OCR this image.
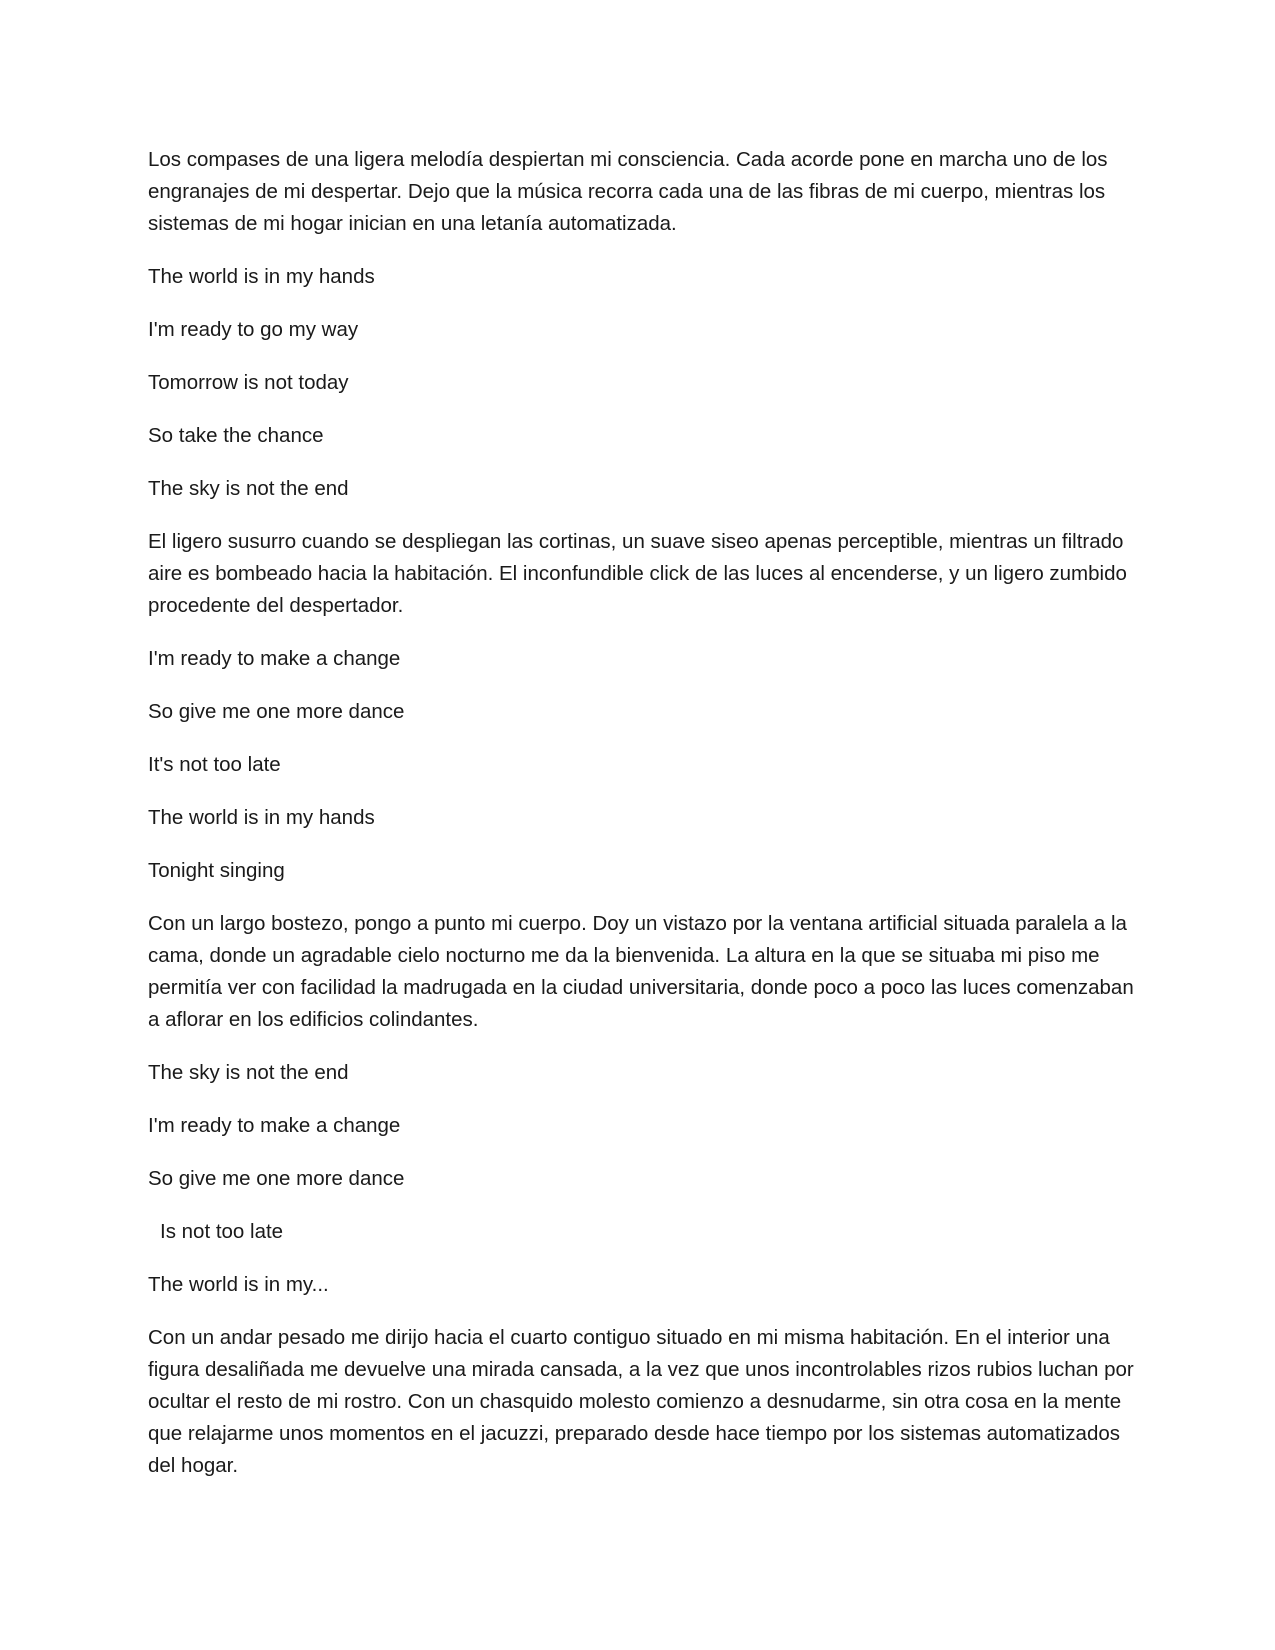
Los compases de una ligera melodía despiertan mi consciencia. Cada acorde pone en marcha uno de los engranajes de mi despertar. Dejo que la música recorra cada una de las fibras de mi cuerpo, mientras los sistemas de mi hogar inician en una letanía automatizada.

The world is in my hands

I'm ready to go my way

Tomorrow is not today

So take the chance

The sky is not the end

El ligero susurro cuando se despliegan las cortinas, un suave siseo apenas perceptible, mientras un filtrado aire es bombeado hacia la habitación. El inconfundible click de las luces al encenderse, y un ligero zumbido procedente del despertador.

I'm ready to make a change

So give me one more dance

It's not too late

The world is in my hands

Tonight singing

Con un largo bostezo, pongo a punto mi cuerpo. Doy un vistazo por la ventana artificial situada paralela a la cama, donde un agradable cielo nocturno me da la bienvenida. La altura en la que se situaba mi piso me permitía ver con facilidad la madrugada en la ciudad universitaria, donde poco a poco las luces comenzaban a aflorar en los edificios colindantes.

The sky is not the end

I'm ready to make a change

So give me one more dance

Is not too late

The world is in my...

Con un andar pesado me dirijo hacia el cuarto contiguo situado en mi misma habitación. En el interior una figura desaliñada me devuelve una mirada cansada, a la vez que unos incontrolables rizos rubios luchan por ocultar el resto de mi rostro. Con un chasquido molesto comienzo a desnudarme, sin otra cosa en la mente que relajarme unos momentos en el jacuzzi, preparado desde hace tiempo por los sistemas automatizados del hogar.
